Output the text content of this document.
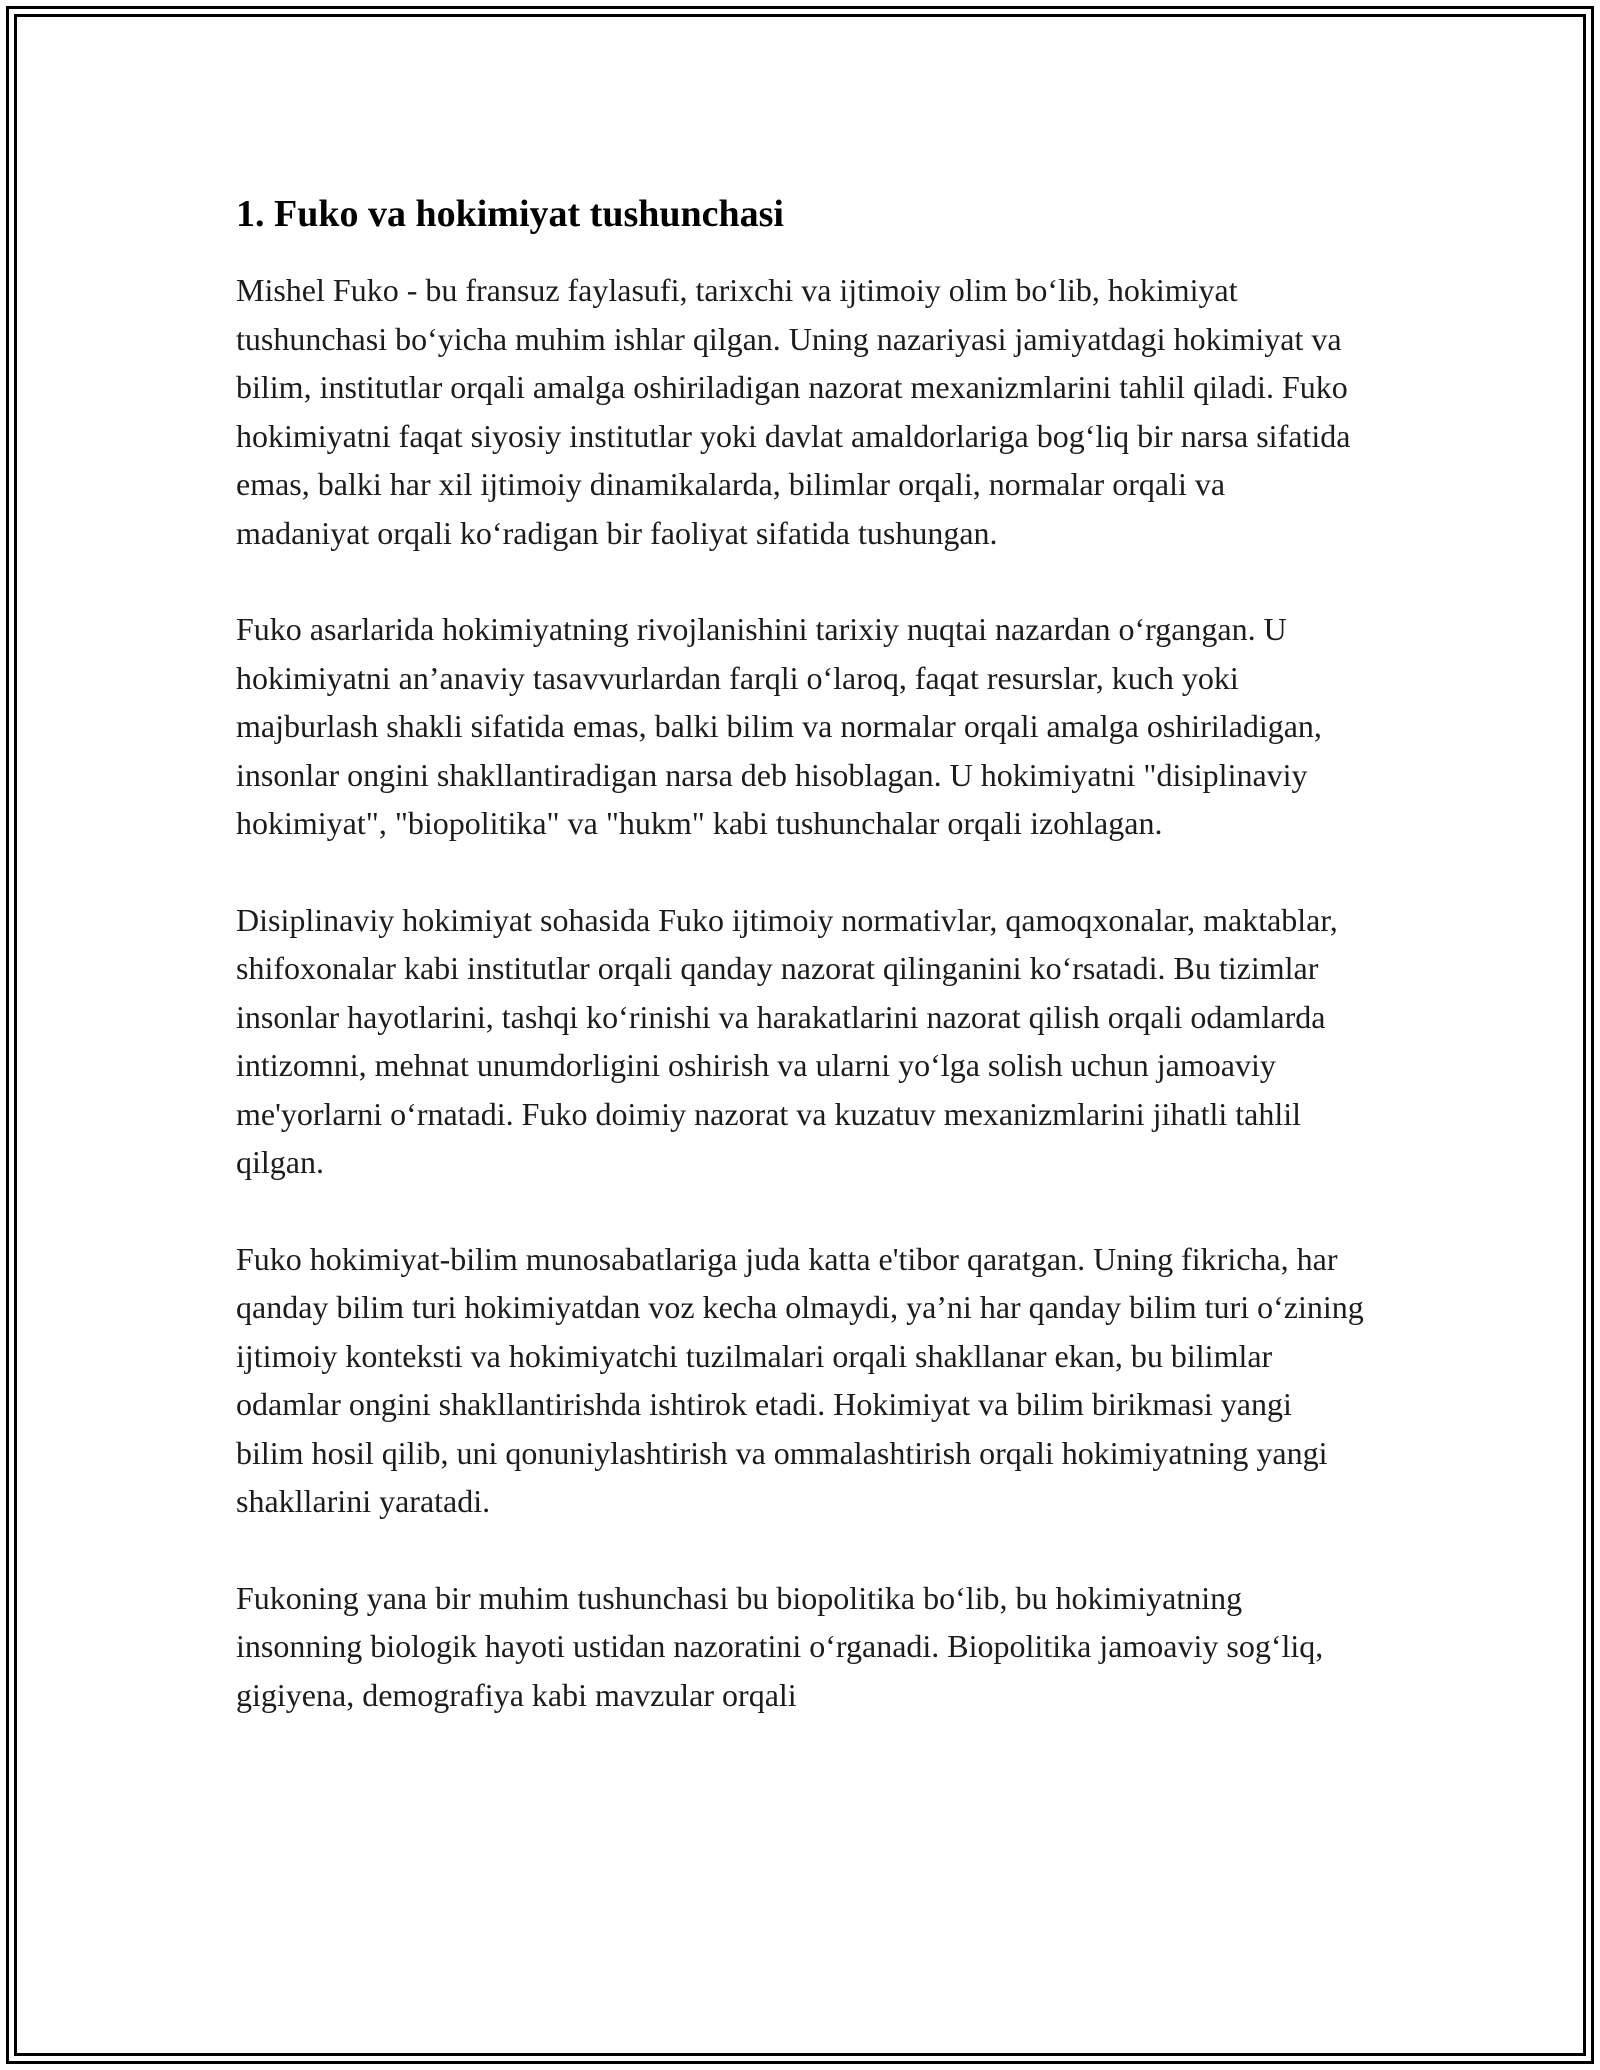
1. Fuko va hokimiyat tushunchasi

Mishel Fuko - bu fransuz faylasufi, tarixchi va ijtimoiy olim bo‘lib, hokimiyat tushunchasi bo‘yicha muhim ishlar qilgan. Uning nazariyasi jamiyatdagi hokimiyat va bilim, institutlar orqali amalga oshiriladigan nazorat mexanizmlarini tahlil qiladi. Fuko hokimiyatni faqat siyosiy institutlar yoki davlat amaldorlariga bog‘liq bir narsa sifatida emas, balki har xil ijtimoiy dinamikalarda, bilimlar orqali, normalar orqali va madaniyat orqali ko‘radigan bir faoliyat sifatida tushungan.

Fuko asarlarida hokimiyatning rivojlanishini tarixiy nuqtai nazardan o‘rgangan. U hokimiyatni an’anaviy tasavvurlardan farqli o‘laroq, faqat resurslar, kuch yoki majburlash shakli sifatida emas, balki bilim va normalar orqali amalga oshiriladigan, insonlar ongini shakllantiradigan narsa deb hisoblagan. U hokimiyatni "disiplinaviy hokimiyat", "biopolitika" va "hukm" kabi tushunchalar orqali izohlagan.

Disiplinaviy hokimiyat sohasida Fuko ijtimoiy normativlar, qamoqxonalar, maktablar, shifoxonalar kabi institutlar orqali qanday nazorat qilinganini ko‘rsatadi. Bu tizimlar insonlar hayotlarini, tashqi ko‘rinishi va harakatlarini nazorat qilish orqali odamlarda intizomni, mehnat unumdorligini oshirish va ularni yo‘lga solish uchun jamoaviy me'yorlarni o‘rnatadi. Fuko doimiy nazorat va kuzatuv mexanizmlarini jihatli tahlil qilgan.

Fuko hokimiyat-bilim munosabatlariga juda katta e'tibor qaratgan. Uning fikricha, har qanday bilim turi hokimiyatdan voz kecha olmaydi, ya’ni har qanday bilim turi o‘zining ijtimoiy konteksti va hokimiyatchi tuzilmalari orqali shakllanar ekan, bu bilimlar odamlar ongini shakllantirishda ishtirok etadi. Hokimiyat va bilim birikmasi yangi bilim hosil qilib, uni qonuniylashtirish va ommalashtirish orqali hokimiyatning yangi shakllarini yaratadi.

Fukoning yana bir muhim tushunchasi bu biopolitika bo‘lib, bu hokimiyatning insonning biologik hayoti ustidan nazoratini o‘rganadi. Biopolitika jamoaviy sog‘liq, gigiyena, demografiya kabi mavzular orqali
